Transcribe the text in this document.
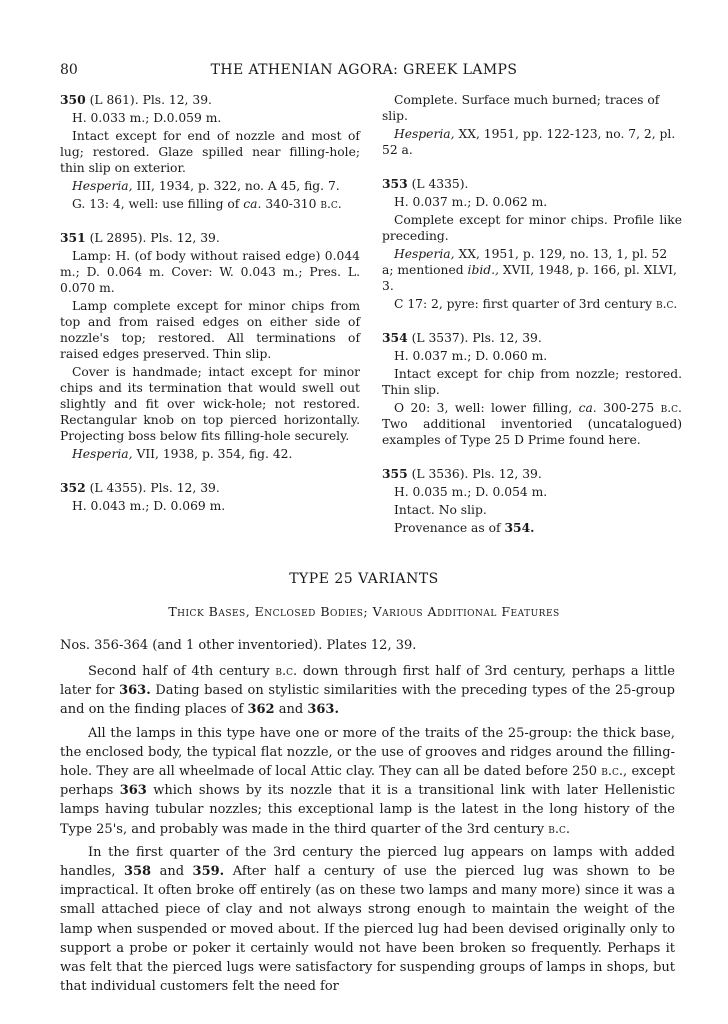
80	THE ATHENIAN AGORA: GREEK LAMPS

350 (L 861). Pls. 12, 39.

H. 0.033 m.; D.0.059 m.

Intact except for end of nozzle and most of lug; restored. Glaze spilled near filling-hole; thin slip on exterior.

Hesperia, III, 1934, p. 322, no. A 45, fig. 7.

G. 13: 4, well: use filling of ca. 340-310 b.c.

351 (L 2895). Pls. 12, 39.

Lamp: H. (of body without raised edge) 0.044 m.; D. 0.064 m. Cover: W. 0.043 m.; Pres. L. 0.070 m.

Lamp complete except for minor chips from top and from raised edges on either side of nozzle's top; restored. All terminations of raised edges preserved. Thin slip.

Cover is handmade; intact except for minor chips and its termination that would swell out slightly and fit over wick-hole; not restored. Rectangular knob on top pierced horizontally. Projecting boss below fits filling-hole securely.

Hesperia, VII, 1938, p. 354, fig. 42.

352 (L 4355). Pls. 12, 39.

H. 0.043 m.; D. 0.069 m.

Complete. Surface much burned; traces of slip.

Hesperia, XX, 1951, pp. 122-123, no. 7, 2, pl. 52 a.

353 (L 4335).

H. 0.037 m.; D. 0.062 m.

Complete except for minor chips. Profile like preceding.

Hesperia, XX, 1951, p. 129, no. 13, 1, pl. 52 a; mentioned ibid., XVII, 1948, p. 166, pl. XLVI, 3.

C 17: 2, pyre: first quarter of 3rd century b.c.

354 (L 3537). Pls. 12, 39.

H. 0.037 m.; D. 0.060 m.

Intact except for chip from nozzle; restored. Thin slip.

O 20: 3, well: lower filling, ca. 300-275 b.c. Two additional inventoried (uncatalogued) examples of Type 25 D Prime found here.

355 (L 3536). Pls. 12, 39.

H. 0.035 m.; D. 0.054 m.

Intact. No slip.

Provenance as of 354.

TYPE 25 VARIANTS
Thick Bases, Enclosed Bodies; Various Additional Features
Nos. 356-364 (and 1 other inventoried). Plates 12, 39.

Second half of 4th century b.c. down through first half of 3rd century, perhaps a little later for 363. Dating based on stylistic similarities with the preceding types of the 25-group and on the finding places of 362 and 363.

All the lamps in this type have one or more of the traits of the 25-group: the thick base, the enclosed body, the typical flat nozzle, or the use of grooves and ridges around the filling-hole. They are all wheelmade of local Attic clay. They can all be dated before 250 b.c., except perhaps 363 which shows by its nozzle that it is a transitional link with later Hellenistic lamps having tubular nozzles; this exceptional lamp is the latest in the long history of the Type 25's, and probably was made in the third quarter of the 3rd century b.c.

In the first quarter of the 3rd century the pierced lug appears on lamps with added handles, 358 and 359. After half a century of use the pierced lug was shown to be impractical. It often broke off entirely (as on these two lamps and many more) since it was a small attached piece of clay and not always strong enough to maintain the weight of the lamp when suspended or moved about. If the pierced lug had been devised originally only to support a probe or poker it certainly would not have been broken so frequently. Perhaps it was felt that the pierced lugs were satisfactory for suspending groups of lamps in shops, but that individual customers felt the need for
